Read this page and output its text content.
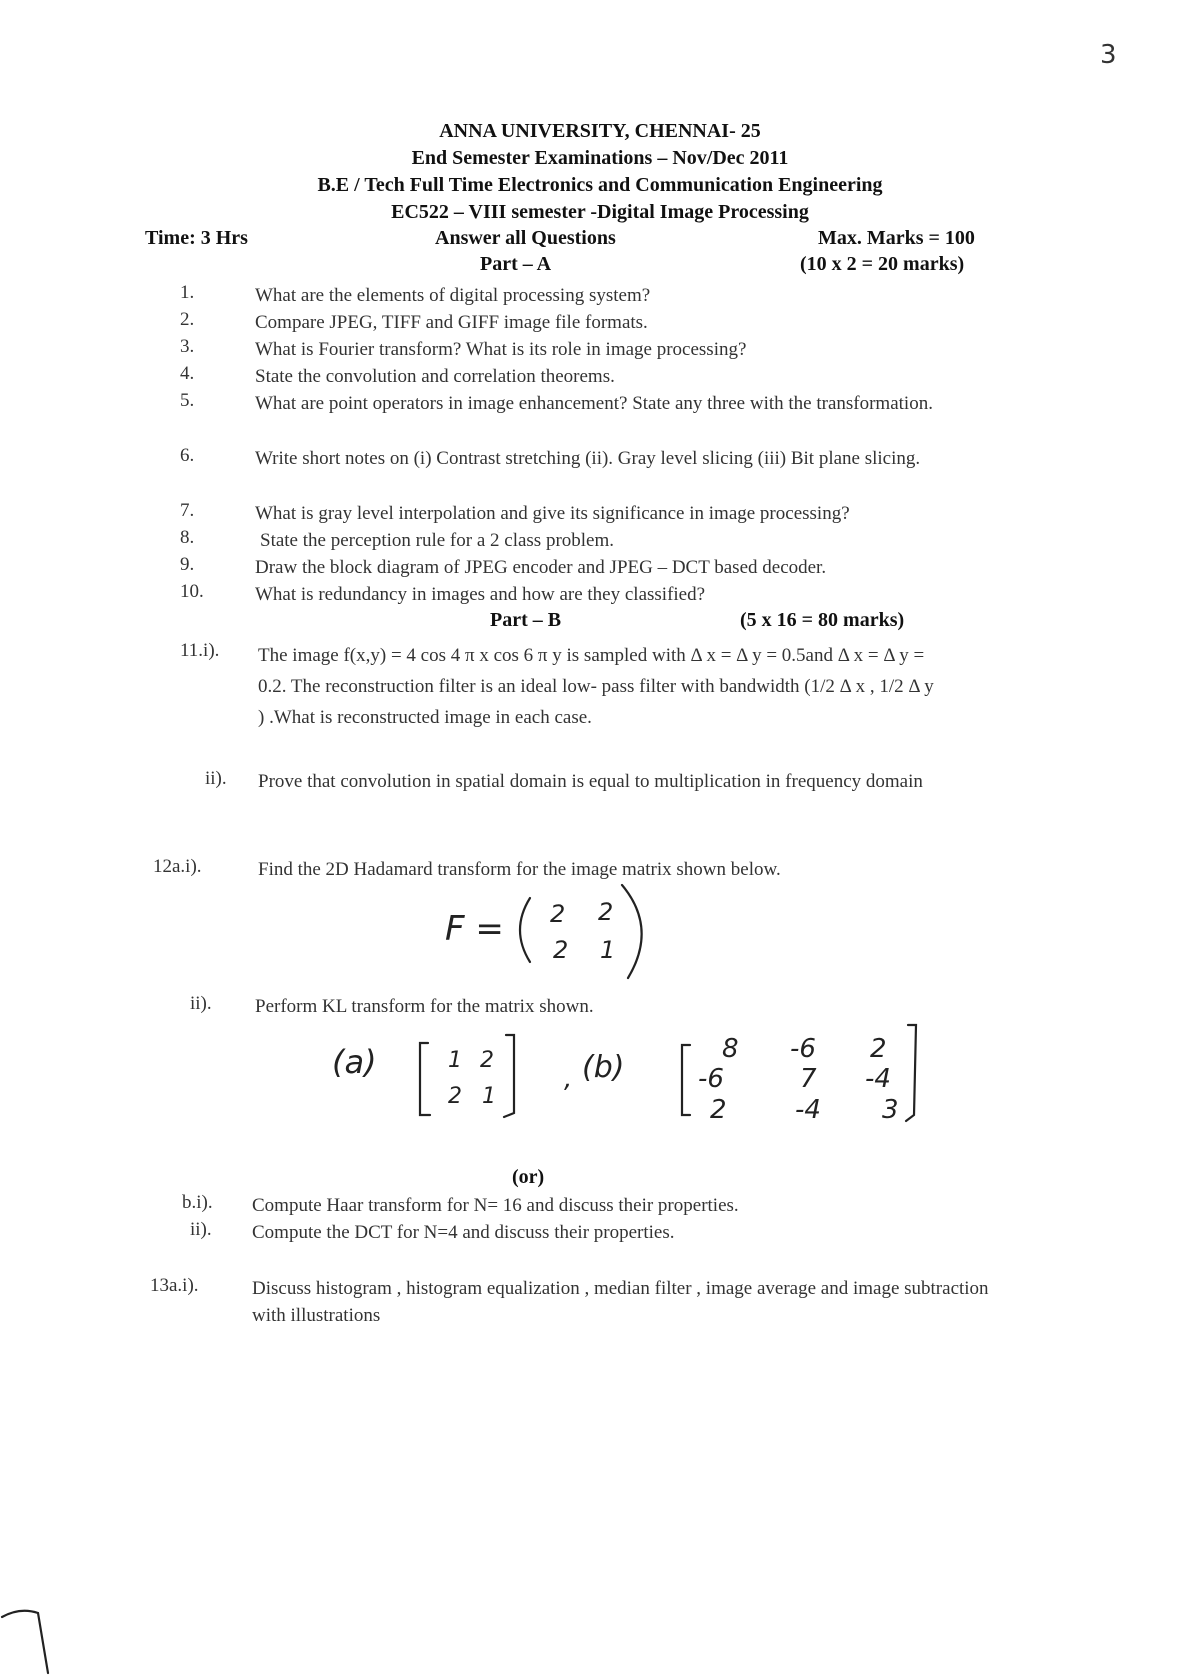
3
ANNA UNIVERSITY, CHENNAI- 25
End Semester Examinations – Nov/Dec 2011
B.E / Tech Full Time Electronics and Communication Engineering
EC522 – VIII semester -Digital Image Processing
Time: 3 Hrs	Answer all Questions	Max. Marks = 100
Part – A	(10 x 2 = 20 marks)
1.	What are the elements of digital processing system?
2.	Compare JPEG, TIFF and GIFF image file formats.
3.	What is Fourier transform? What is its role in image processing?
4.	State the convolution and correlation theorems.
5.	What are point operators in image enhancement? State any three with the transformation.
6.	Write short notes on (i) Contrast stretching (ii). Gray level slicing (iii) Bit plane slicing.
7.	What is gray level interpolation and give its significance in image processing?
8.	State the perception rule for a 2 class problem.
9.	Draw the block diagram of JPEG encoder and JPEG – DCT based decoder.
10.	What is redundancy in images and how are they classified?
Part – B	(5 x 16 = 80 marks)
11.i). The image f(x,y) = 4 cos 4 π x cos 6 π y is sampled with Δ x = Δ y = 0.5and Δ x = Δ y = 0.2. The reconstruction filter is an ideal low- pass filter with bandwidth (1/2 Δ x , 1/2 Δ y ) .What is reconstructed image in each case.
ii). Prove that convolution in spatial domain is equal to multiplication in frequency domain
12a.i).	Find the 2D Hadamard transform for the image matrix shown below.
F = 2 2
2 1
ii). Perform KL transform for the matrix shown.
(a)	1 2
2 1
, (b)
8 -6 2
-6	7 -4
2	-4 3
(or)
b.i). Compute Haar transform for N= 16 and discuss their properties.
ii). Compute the DCT for N=4 and discuss their properties.
13a.i).	Discuss histogram , histogram equalization , median filter , image average and image subtraction with illustrations
